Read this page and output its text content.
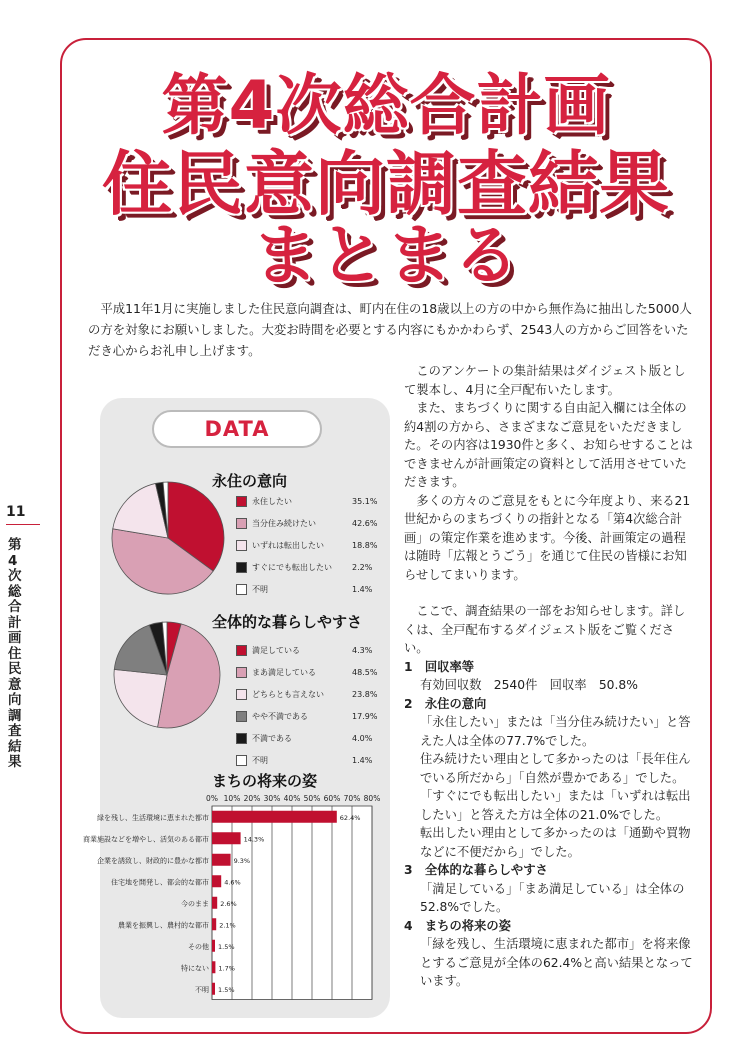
第4次総合計画
住民意向調査結果
まとまる
平成11年1月に実施しました住民意向調査は、町内在住の18歳以上の方の中から無作為に抽出した5000人の方を対象にお願いしました。大変お時間を必要とする内容にもかかわらず、2543人の方からご回答をいただき心からお礼申し上げます。
11
第4次総合計画住民意向調査結果
DATA
永住の意向
永住したい	35.1%
当分住み続けたい	42.6%
いずれは転出したい	18.8%
すぐにでも転出したい	2.2%
不明	1.4%
全体的な暮らしやすさ
満足している	4.3%
まあ満足している	48.5%
どちらとも言えない	23.8%
やや不満である	17.9%
不満である	4.0%
不明	1.4%
まちの将来の姿
0% 10% 20% 30% 40% 50% 60% 70% 80%
緑を残し、生活環境に恵まれた都市	62.4%
商業施設などを増やし、活気のある都市	14.3%
企業を誘致し、財政的に豊かな都市	9.3%
住宅地を開発し、都会的な都市 4.6%
今のまま 2.6%
農業を振興し、農村的な都市 2.1%
その他 1.5%
特にない 1.7%
不明 1.5%

このアンケートの集計結果はダイジェスト版として製本し、4月に全戸配布いたします。

また、まちづくりに関する自由記入欄には全体の約4割の方から、さまざまなご意見をいただきました。その内容は1930件と多く、お知らせすることはできませんが計画策定の資料として活用させていただきます。

多くの方々のご意見をもとに今年度より、来る21世紀からのまちづくりの指針となる「第4次総合計画」の策定作業を進めます。今後、計画策定の過程は随時「広報とうごう」を通じて住民の皆様にお知らせしてまいります。

ここで、調査結果の一部をお知らせします。詳しくは、全戸配布するダイジェスト版をご覧ください。

1　回収率等

有効回収数　2540件　回収率　50.8%

2　永住の意向

「永住したい」または「当分住み続けたい」と答えた人は全体の77.7%でした。

住み続けたい理由として多かったのは「長年住んでいる所だから」「自然が豊かである」でした。

「すぐにでも転出したい」または「いずれは転出したい」と答えた方は全体の21.0%でした。

転出したい理由として多かったのは「通勤や買物などに不便だから」でした。

3　全体的な暮らしやすさ

「満足している」「まあ満足している」は全体の52.8%でした。

4　まちの将来の姿

「緑を残し、生活環境に恵まれた都市」を将来像とするご意見が全体の62.4%と高い結果となっています。
